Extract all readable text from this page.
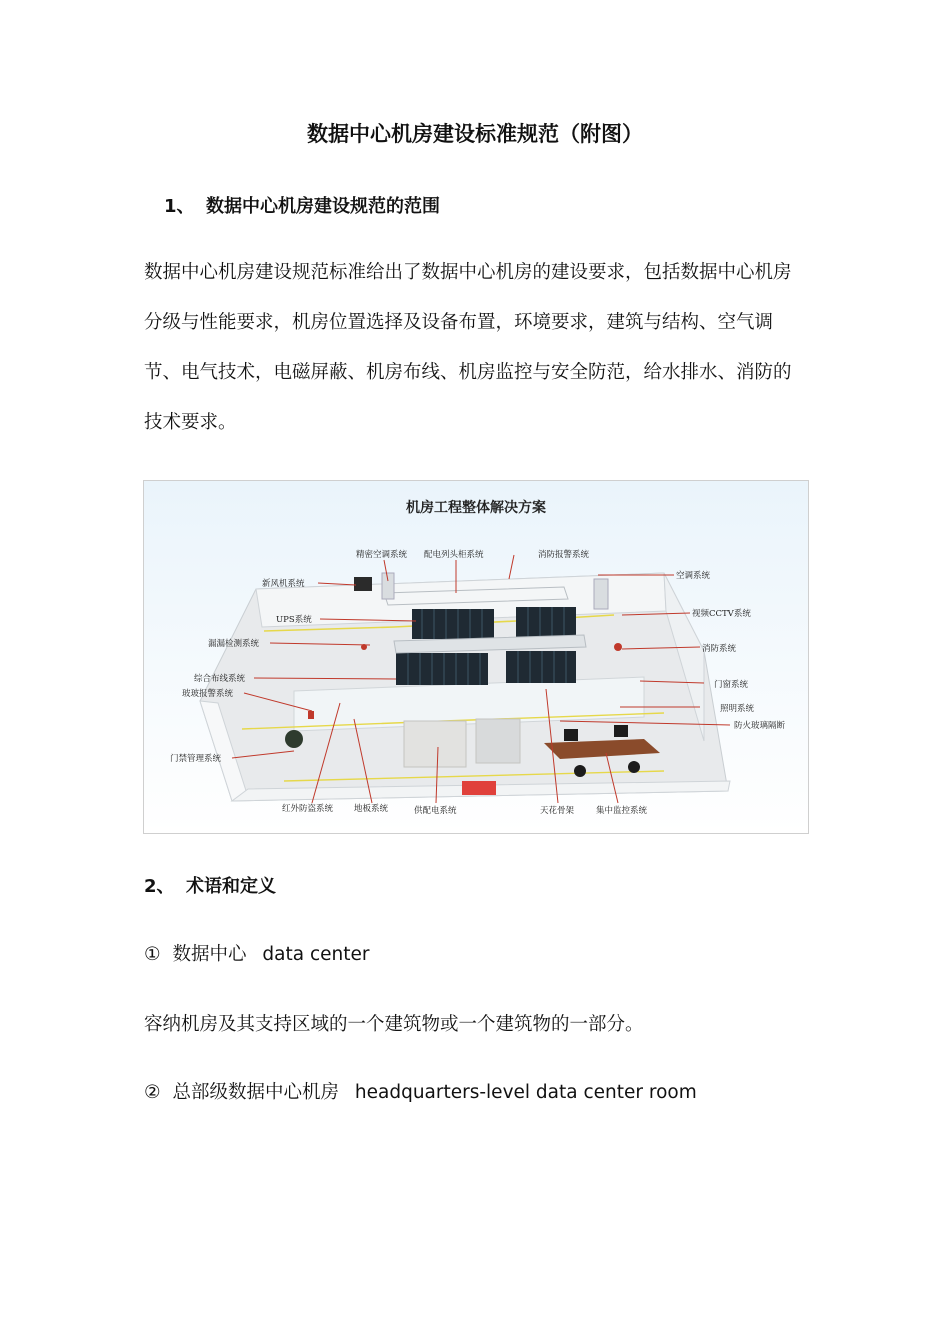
数据中心机房建设标准规范（附图）
1、 数据中心机房建设规范的范围
数据中心机房建设规范标准给出了数据中心机房的建设要求，包括数据中心机房分级与性能要求，机房位置选择及设备布置，环境要求，建筑与结构、空气调节、电气技术，电磁屏蔽、机房布线、机房监控与安全防范，给水排水、消防的技术要求。
机房工程整体解决方案
精密空调系统 配电列头柜系统	消防报警系统
新风机系统
空调系统
UPS系统
视频CCTV系统
漏漏检测系统	消防系统
综合布线系统
门窗系统
玻玻报警系统
照明系统
防火玻璃隔断
门禁管理系统
红外防盗系统 地板系统	供配电系统	天花骨架	集中监控系统
2、 术语和定义
① 数据中心 data center
容纳机房及其支持区域的一个建筑物或一个建筑物的一部分。
② 总部级数据中心机房 headquarters-level data center room
